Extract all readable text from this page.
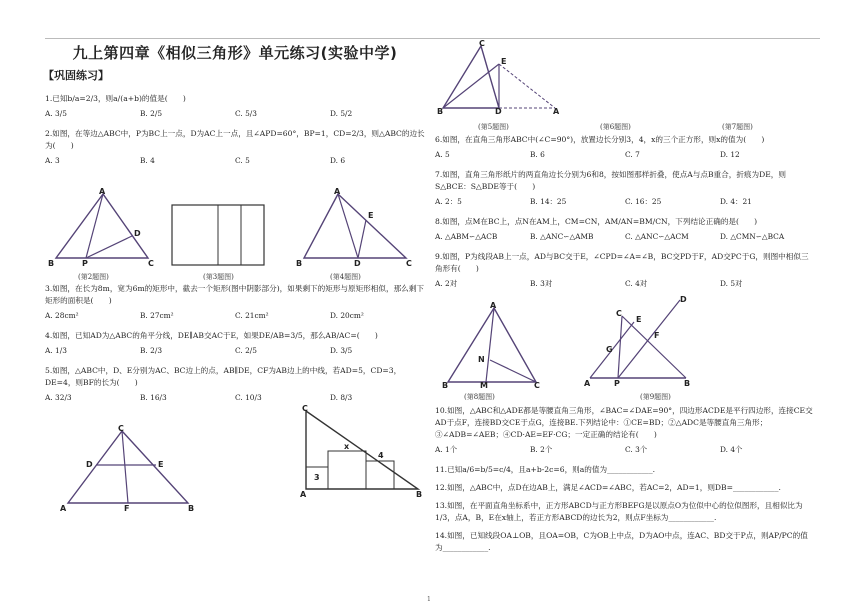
九上第四章《相似三角形》单元练习(实验中学)
【巩固练习】
1.已知b/a=2/3，则a/(a+b)的值是(　　)
A. 3/5	B. 2/5	C. 5/3	D. 5/2
2.如图，在等边△ABC中，P为BC上一点，D为AC上一点，且∠APD=60°，BP=1，CD=2/3，则△ABC的边长为(　　)
A. 3	B. 4	C. 5	D. 6
3.如图，在长为8m，宽为6m的矩形中，截去一个矩形(图中阴影部分)，如果剩下的矩形与原矩形相似，那么剩下矩形的面积是(　　)
A. 28cm²	B. 27cm²	C. 21cm²	D. 20cm²
4.如图，已知AD为△ABC的角平分线，DE∥AB交AC于E，如果DE/AB=3/5，那么AB/AC=(　　)
A. 1/3	B. 2/3	C. 2/5	D. 3/5
5.如图，△ABC中，D、E分别为AC、BC边上的点，AB∥DE，CF为AB边上的中线，若AD=5，CD=3，DE=4，则BF的长为(　　)
A. 32/3	B. 16/3	C. 10/3	D. 8/3
A
B	C
P
D
(第2题图)	(第3题图)
A
B	C
D
E
(第4题图)
C
A	B
D	E
F
C
A	B
3
x
4
C
B
E
D	A
(第5题图)	(第6题图)	(第7题图)
6.如图，在直角三角形ABC中(∠C=90°)，放置边长分别3，4，x的三个正方形，则x的值为(　　)
A. 5	B. 6	C. 7	D. 12
7.如图，直角三角形纸片的两直角边长分别为6和8，按如图那样折叠，使点A与点B重合，折痕为DE，则S△BCE：S△BDE等于(　　)
A. 2：5	B. 14：25	C. 16：25	D. 4：21
8.如图，点M在BC上，点N在AM上，CM=CN，AM/AN=BM/CN，下列结论正确的是(　　)
A. △ABM∽△ACB	B. △ANC∽△AMB	C. △ANC∽△ACM	D. △CMN∽△BCA
9.如图，P为线段AB上一点，AD与BC交于E，∠CPD=∠A=∠B，BC交PD于F，AD交PC于G，则图中相似三角形有(　　)
A. 2对	B. 3对	C. 4对	D. 5对
A
B	C
M
N
A	B
P
C
D
E
F
G
(第8题图)	(第9题图)
10.如图，△ABC和△ADE都是等腰直角三角形，∠BAC=∠DAE=90°，四边形ACDE是平行四边形，连接CE交AD于点F，连接BD交CE于点G，连接BE.下列结论中：①CE=BD；②△ADC是等腰直角三角形；③∠ADB=∠AEB；④CD·AE=EF·CG；一定正确的结论有(　　)
A. 1个	B. 2个	C. 3个	D. 4个
11.已知a/6=b/5=c/4，且a+b-2c=6，则a的值为____________.
12.如图，△ABC中，点D在边AB上，满足∠ACD=∠ABC，若AC=2，AD=1，则DB=____________.
13.如图，在平面直角坐标系中，正方形ABCD与正方形BEFG是以原点O为位似中心的位似图形，且相似比为1/3，点A，B，E在x轴上，若正方形ABCD的边长为2，则点F坐标为____________.
14.如图，已知线段OA⊥OB，且OA=OB，C为OB上中点，D为AO中点，连AC、BD交于P点，则AP/PC的值为____________.
1
